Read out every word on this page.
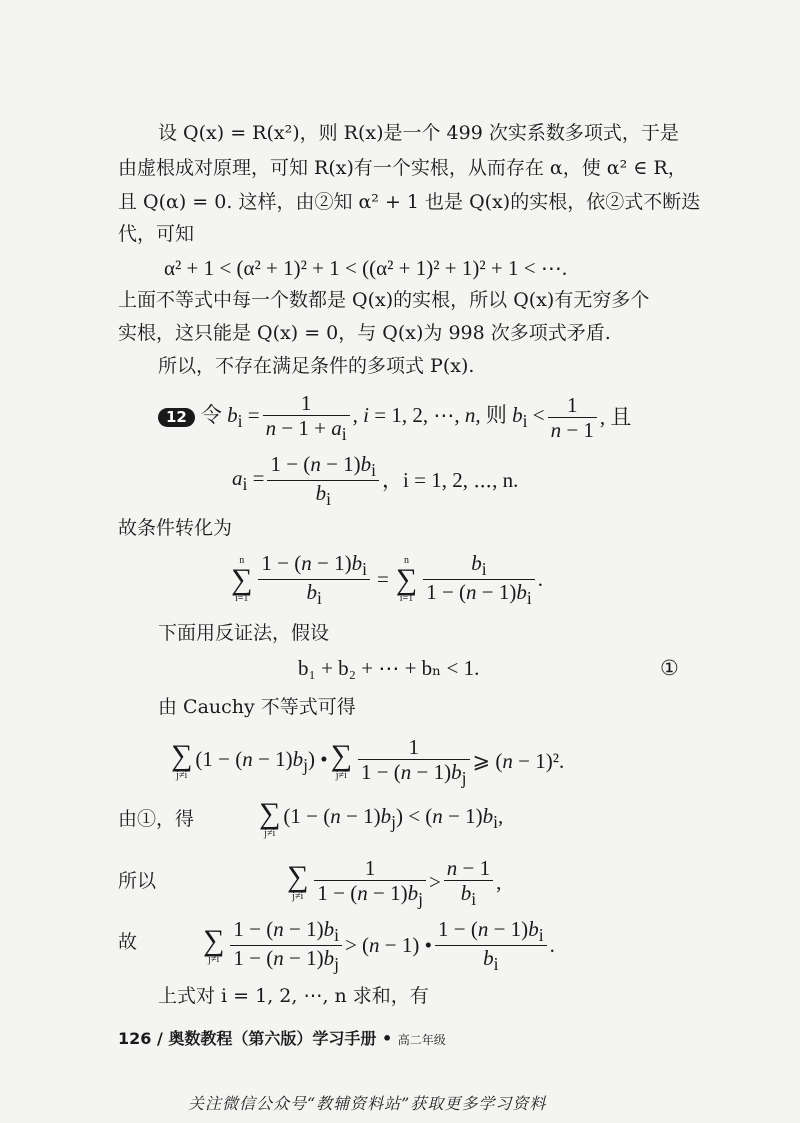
设 Q(x) = R(x²)，则 R(x)是一个 499 次实系数多项式，于是
由虚根成对原理，可知 R(x)有一个实根，从而存在 α，使 α² ∈ R，
且 Q(α) = 0. 这样，由②知 α² + 1 也是 Q(x)的实根，依②式不断迭
代，可知
α² + 1 < (α² + 1)² + 1 < ((α² + 1)² + 1)² + 1 < ⋯.
上面不等式中每一个数都是 Q(x)的实根，所以 Q(x)有无穷多个
实根，这只能是 Q(x) = 0，与 Q(x)为 998 次多项式矛盾.
所以，不存在满足条件的多项式 P(x).
12 令 $b_i = \frac{1}{n - 1 + a_i}$ , i = 1, 2, ⋯, n, 则 $b_i$ <	1
n − 1
, 且
$a_i = \frac{1 - (n - 1)b_i}{b_i}$ ，i = 1, 2, ⋯, n.
故条件转化为
n
∑
$i=1 \frac{1 - (n - 1)b_i}{b_i}$ =
n
∑
i=1
$b_i$
$1 - (n - 1)b_i$
.
下面用反证法，假设
b₁ + b₂ + ⋯ + bₙ < 1.	①
由 Cauchy 不等式可得
∑
j≠i
$(1 - (n - 1)b_j)$ • ∑
j≠i
1
$1 - (n - 1)b_j$
⩾ (n − 1)².
由①，得 ∑
j≠i
$(1 - (n - 1)b_j) < (n - 1)b_i$,
所以	∑
j≠i
1
$1 - (n - 1)b_j$
>
n − 1
$b_i$
,
故 ∑
j≠i
$1 - (n - 1)b_i$
$1 - (n - 1)b_j$
> (n − 1) •
$1 - (n - 1)b_i$
$b_i$
.
上式对 i = 1, 2, ⋯, n 求和，有
126 / 奥数教程（第六版）学习手册 • 高二年级
关注微信公众号“教辅资料站”获取更多学习资料
